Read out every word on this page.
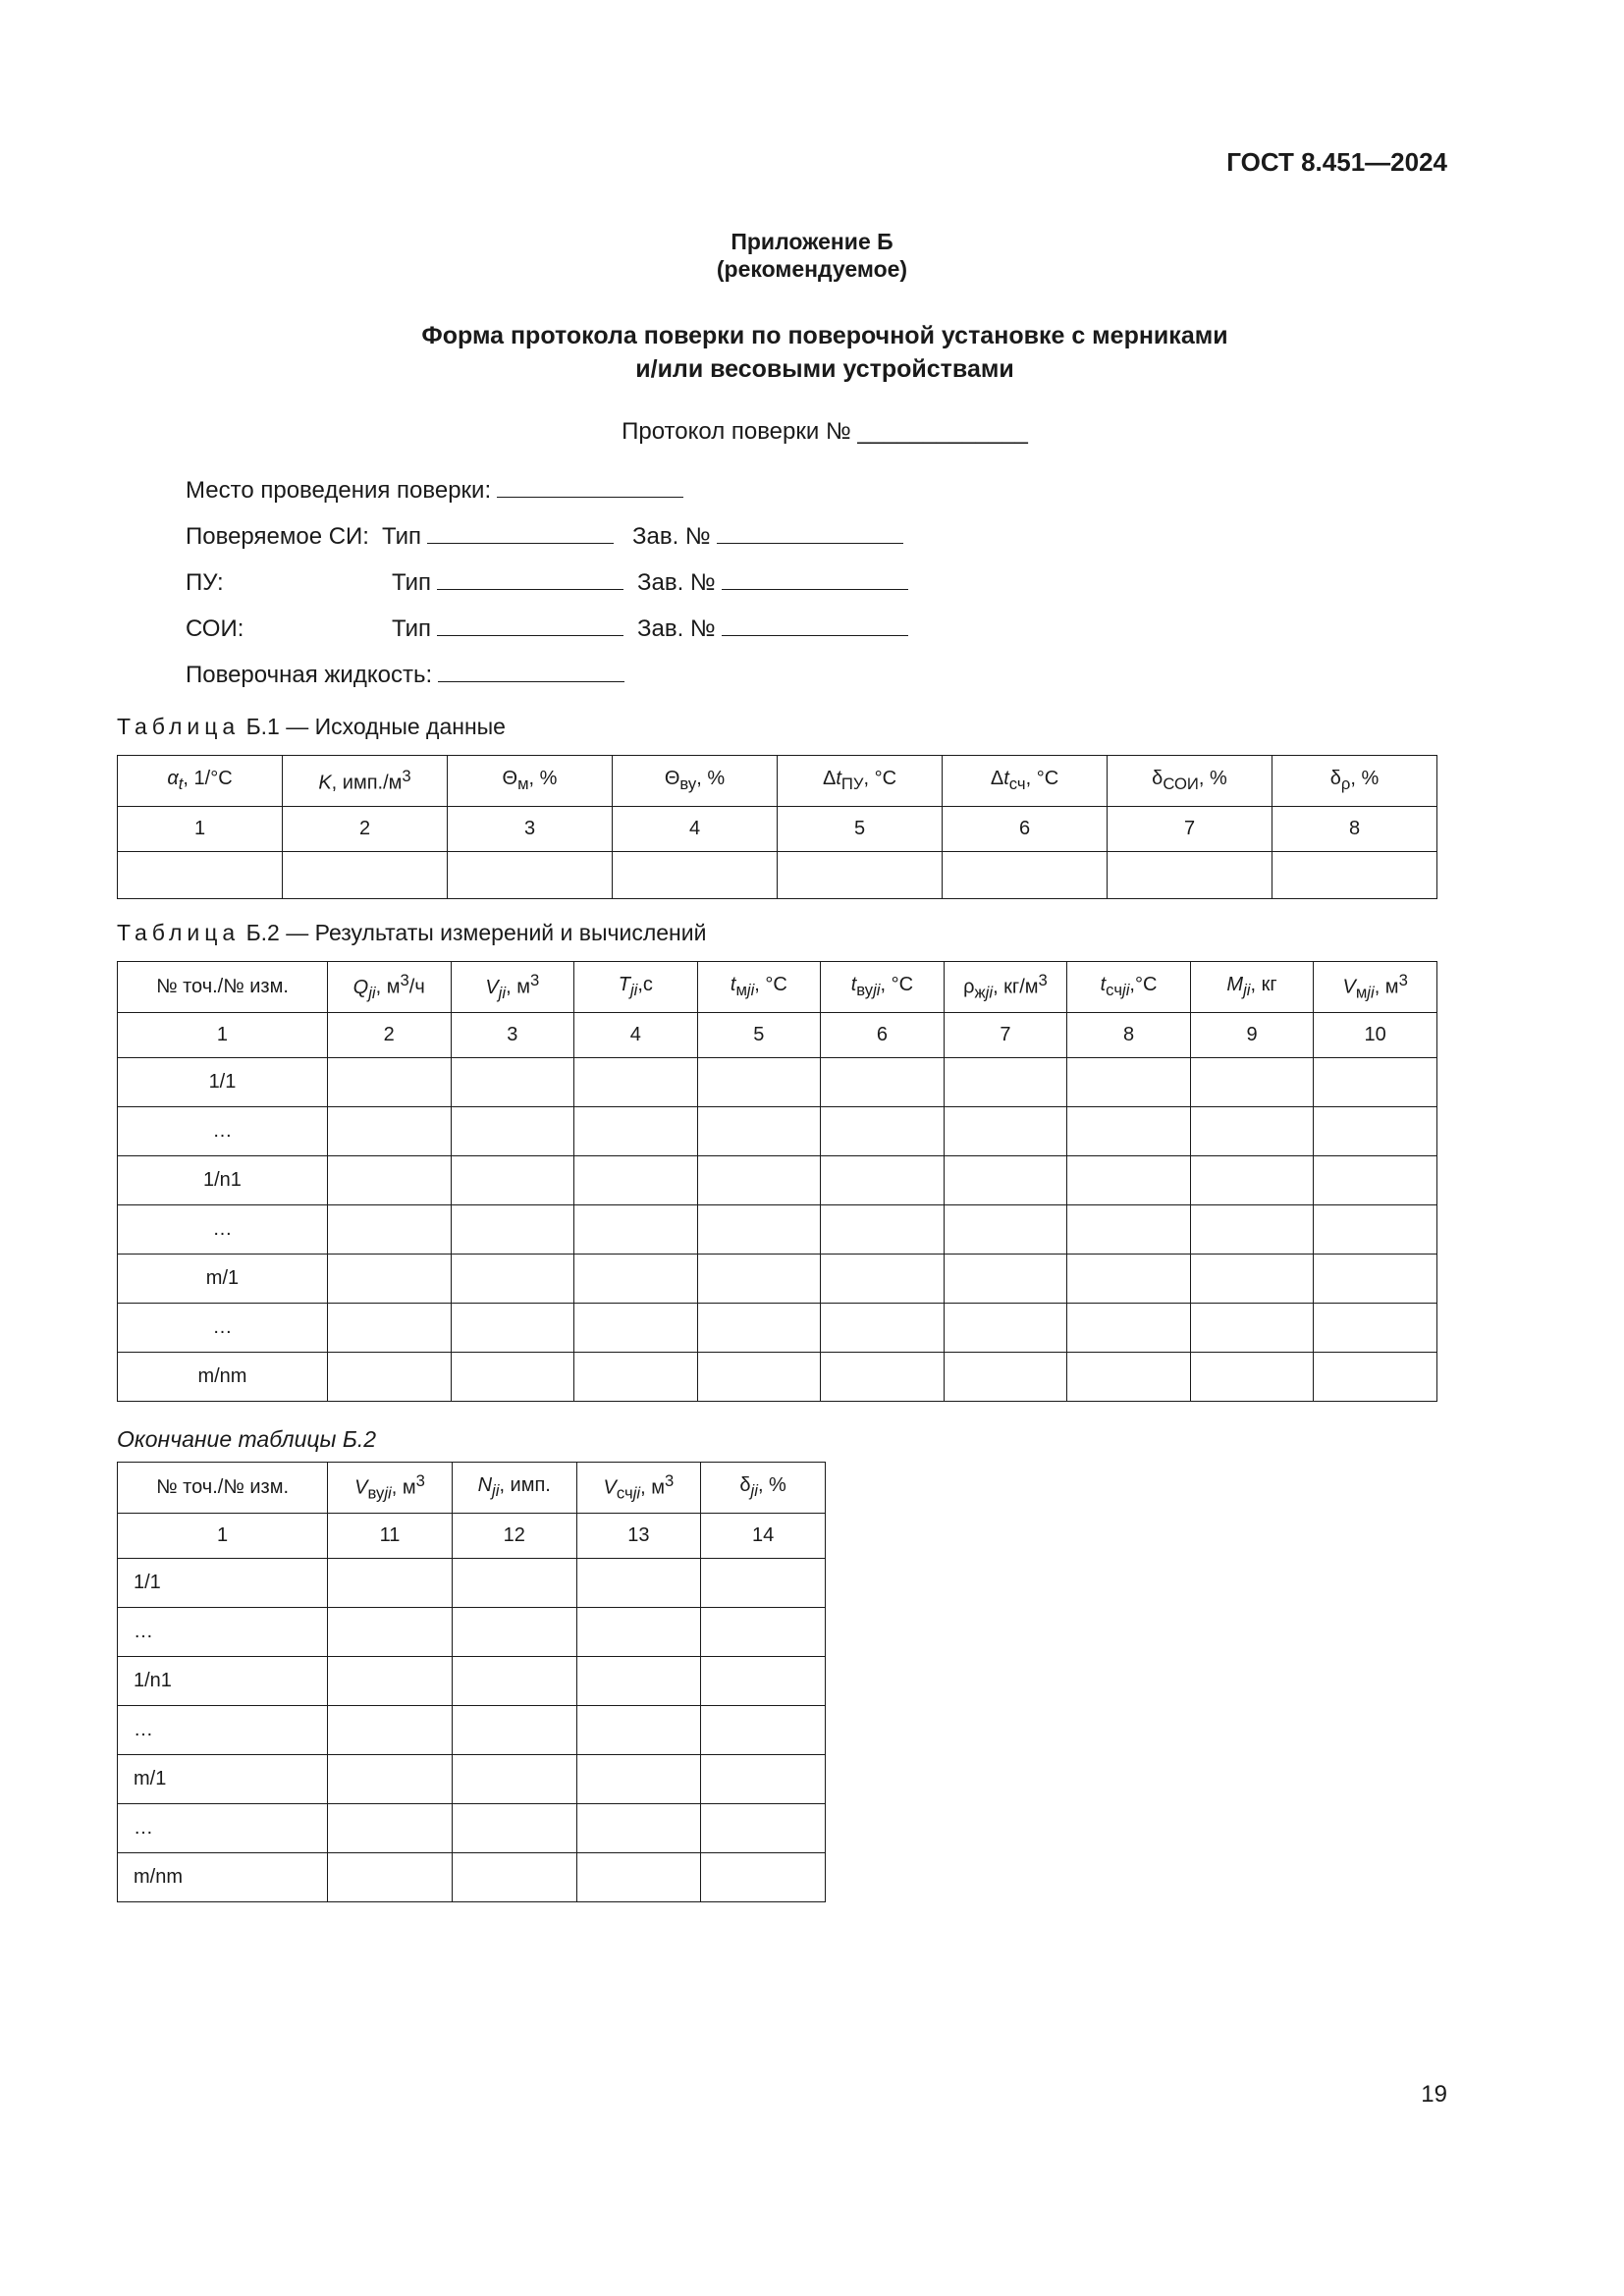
ГОСТ 8.451—2024
Приложение Б
(рекомендуемое)
Форма протокола поверки по поверочной установке с мерниками
и/или весовыми устройствами
Протокол поверки № _____________
Место проведения поверки:
Поверяемое СИ: Тип	Зав. №
ПУ:	Тип	Зав. №
СОИ:	Тип	Зав. №
Поверочная жидкость:
Таблица Б.1 — Исходные данные
$\alpha_t$, 1/°C	K, $имп./м^3$	$\Theta_м$, %	$\Theta_{ву}$, %	$\Delta t_{ПУ}$, °C	$\Delta t_{сч}$, °C	$\delta_{СОИ}$, %	$\delta_\rho$, %
1	2	3	4	5	6	7	8

Таблица Б.2 — Результаты измерений и вычислений
№ точ./№ изм.	$Q_{ji}$, $м^3/ч$	$V_{ji}$, $м^3$	$T_{ji},c$	$t_{мji}$, °C	$t_{вуji}$, °C	$\rho_{жji}$, $кг/м^3$	$t_{счji},^\circ C$	$M_{ji}$, кг	$V_{мji}$, $м^3$
1	2	3	4	5	6	7	8	9	10
1/1									
…									
1/n1									
…									
m/1									
…									
m/nm									
Окончание таблицы Б.2
№ точ./№ изм.	$V_{вуji}$, $м^3$	$N_{ji}$, имп.	$V_{счji}$, $м^3$	$\delta_{ji}$, %
1	11	12	13	14
1/1				
…				
1/n1				
…				
m/1				
…				
m/nm				
19
